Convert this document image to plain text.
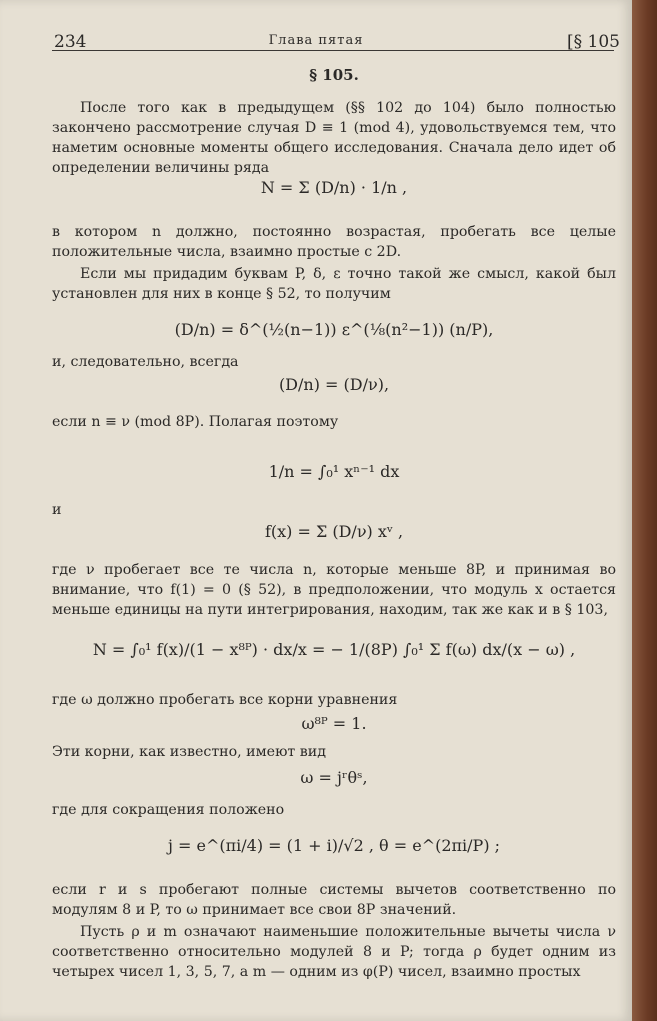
234	Глава пятая	[§ 105
§ 105.
После того как в предыдущем (§§ 102 до 104) было полностью закончено рассмотрение случая D ≡ 1 (mod 4), удовольствуемся тем, что наметим основные моменты общего исследования. Сначала дело идет об определении величины ряда
N = Σ (D/n) · 1/n ,
в котором n должно, постоянно возрастая, пробегать все целые положительные числа, взаимно простые с 2D.
Если мы придадим буквам P, δ, ε точно такой же смысл, какой был установлен для них в конце § 52, то получим
(D/n) = δ^(½(n−1)) ε^(⅛(n²−1)) (n/P),
и, следовательно, всегда
(D/n) = (D/ν),
если n ≡ ν (mod 8P). Полагая поэтому
1/n = ∫₀¹ xⁿ⁻¹ dx
и
f(x) = Σ (D/ν) xᵛ ,
где ν пробегает все те числа n, которые меньше 8P, и принимая во внимание, что f(1) = 0 (§ 52), в предположении, что модуль x остается меньше единицы на пути интегрирования, находим, так же как и в § 103,
N = ∫₀¹ f(x)/(1 − x⁸ᴾ) · dx/x = − 1/(8P) ∫₀¹ Σ f(ω) dx/(x − ω) ,
где ω должно пробегать все корни уравнения
ω⁸ᴾ = 1.
Эти корни, как известно, имеют вид
ω = jʳθˢ,
где для сокращения положено
j = e^(πi/4) = (1 + i)/√2 , θ = e^(2πi/P) ;
если r и s пробегают полные системы вычетов соответственно по модулям 8 и P, то ω принимает все свои 8P значений.
Пусть ρ и m означают наименьшие положительные вычеты числа ν соответственно относительно модулей 8 и P; тогда ρ будет одним из четырех чисел 1, 3, 5, 7, а m — одним из φ(P) чисел, взаимно простых
